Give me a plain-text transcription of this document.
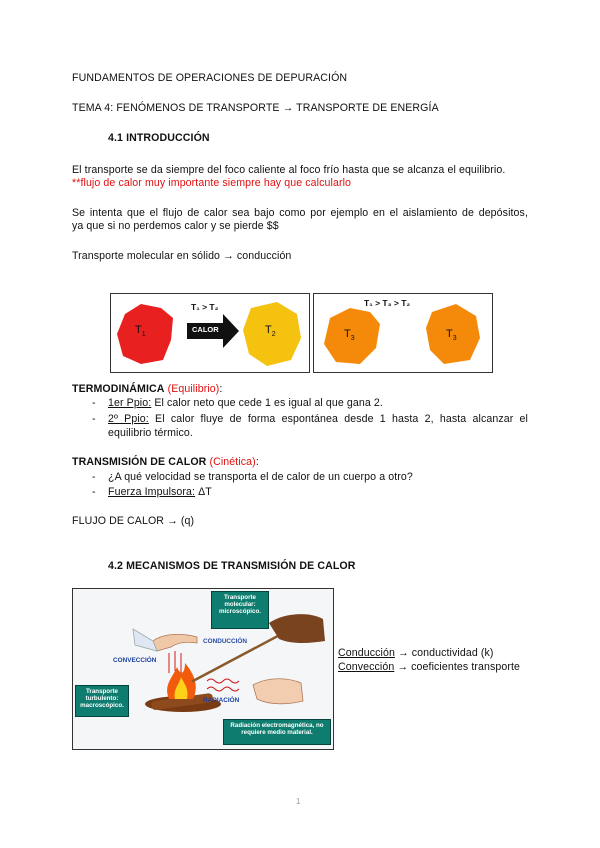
FUNDAMENTOS DE OPERACIONES DE DEPURACIÓN
TEMA 4: FENÓMENOS DE TRANSPORTE → TRANSPORTE DE ENERGÍA
4.1 INTRODUCCIÓN
El transporte se da siempre del foco caliente al foco frío hasta que se alcanza el equilibrio.
**flujo de calor muy importante siempre hay que calcularlo
Se intenta que el flujo de calor sea bajo como por ejemplo en el aislamiento de depósitos,
ya que si no perdemos calor y se pierde $$
Transporte molecular en sólido → conducción
$T_1$	$T_2$
T₁ > T₂
CALOR	$T_3$	$T_3$
T₁ > T₃ > T₂
TERMODINÁMICA (Equilibrio):
- 1er Ppio: El calor neto que cede 1 es igual al que gana 2.
- 2º Ppio: El calor fluye de forma espontánea desde 1 hasta 2, hasta alcanzar el
equilibrio térmico.
TRANSMISIÓN DE CALOR (Cinética):
- ¿A qué velocidad se transporta el de calor de un cuerpo a otro?
- Fuerza Impulsora: ΔT
FLUJO DE CALOR → (q)
4.2 MECANISMOS DE TRANSMISIÓN DE CALOR
Transporte molecular: microscópico.
Transporte turbulento: macroscópico.
Radiación electromagnética, no requiere medio material.
CONDUCCIÓN
CONVECCIÓN
RADIACIÓN
Conducción → conductividad (k)
Convección → coeficientes transporte
1
